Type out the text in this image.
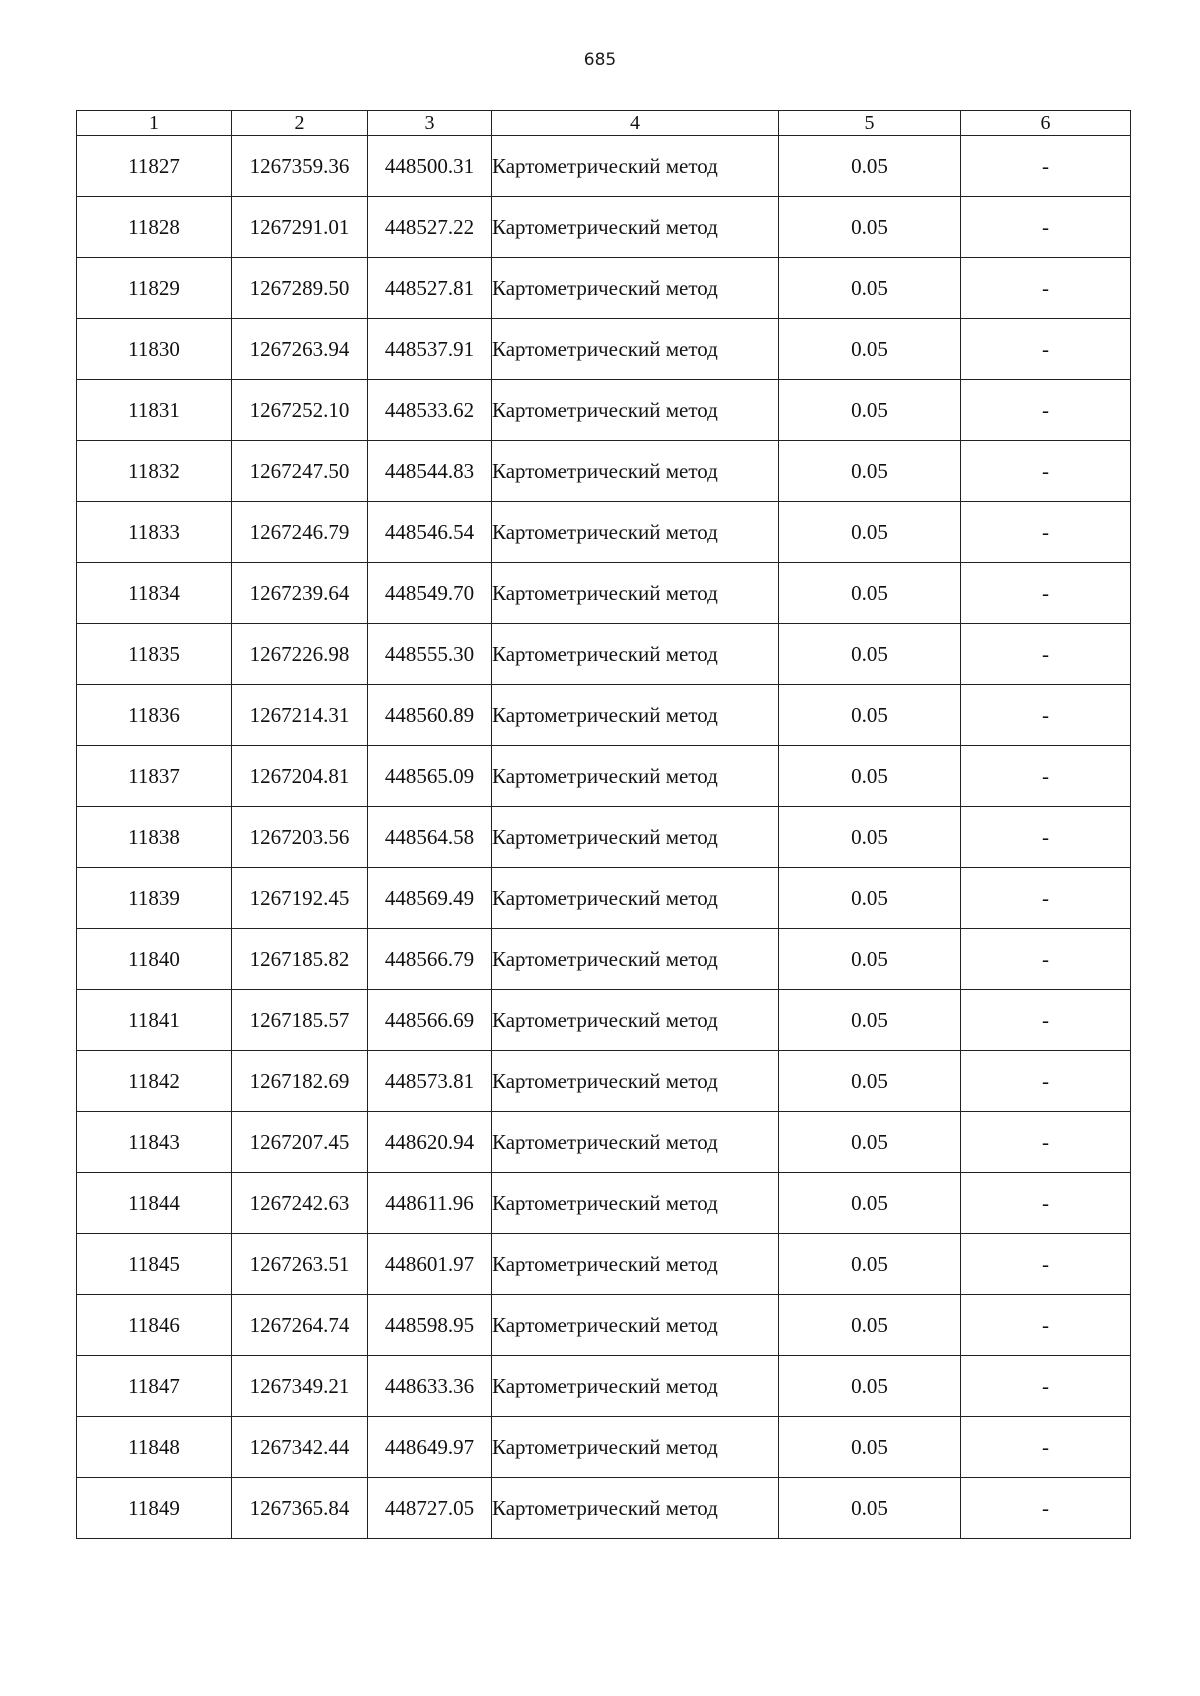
685
1	2	3	4	5	6
11827	1267359.36	448500.31	Картометрический метод	0.05	-
11828	1267291.01	448527.22	Картометрический метод	0.05	-
11829	1267289.50	448527.81	Картометрический метод	0.05	-
11830	1267263.94	448537.91	Картометрический метод	0.05	-
11831	1267252.10	448533.62	Картометрический метод	0.05	-
11832	1267247.50	448544.83	Картометрический метод	0.05	-
11833	1267246.79	448546.54	Картометрический метод	0.05	-
11834	1267239.64	448549.70	Картометрический метод	0.05	-
11835	1267226.98	448555.30	Картометрический метод	0.05	-
11836	1267214.31	448560.89	Картометрический метод	0.05	-
11837	1267204.81	448565.09	Картометрический метод	0.05	-
11838	1267203.56	448564.58	Картометрический метод	0.05	-
11839	1267192.45	448569.49	Картометрический метод	0.05	-
11840	1267185.82	448566.79	Картометрический метод	0.05	-
11841	1267185.57	448566.69	Картометрический метод	0.05	-
11842	1267182.69	448573.81	Картометрический метод	0.05	-
11843	1267207.45	448620.94	Картометрический метод	0.05	-
11844	1267242.63	448611.96	Картометрический метод	0.05	-
11845	1267263.51	448601.97	Картометрический метод	0.05	-
11846	1267264.74	448598.95	Картометрический метод	0.05	-
11847	1267349.21	448633.36	Картометрический метод	0.05	-
11848	1267342.44	448649.97	Картометрический метод	0.05	-
11849	1267365.84	448727.05	Картометрический метод	0.05	-
